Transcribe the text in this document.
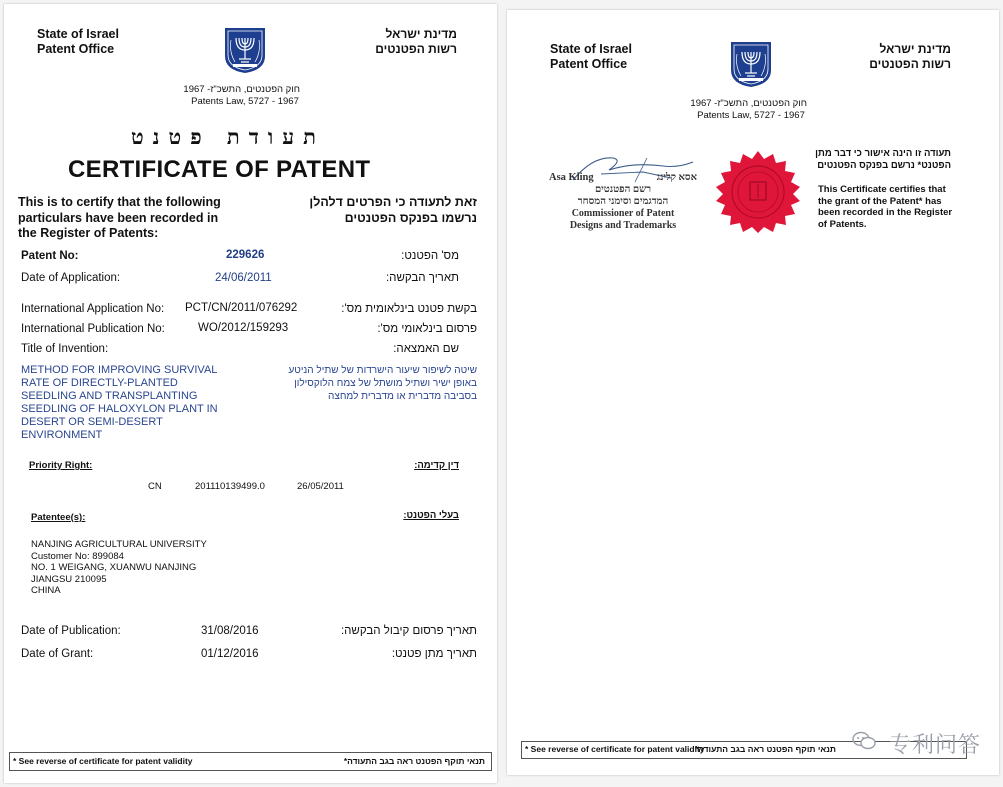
State of Israel
Patent Office
מדינת ישראל
רשות הפטנטים
חוק הפטנטים, התשכ"ז- 1967
Patents Law, 5727 - 1967
תעודת פטנט
CERTIFICATE OF PATENT
This is to certify that the following
particulars have been recorded in
the Register of Patents:
זאת לתעודה כי הפרטים דלהלן
נרשמו בפנקס הפטנטים
Patent No:	229626	מס' הפטנט:
Date of Application:	24/06/2011	תאריך הבקשה:
International Application No: PCT/CN/2011/076292	בקשת פטנט בינלאומית מס':
International Publication No:	WO/2012/159293	פרסום בינלאומי מס':
Title of Invention:	שם האמצאה:
METHOD FOR IMPROVING SURVIVAL
RATE OF DIRECTLY-PLANTED
SEEDLING AND TRANSPLANTING
SEEDLING OF HALOXYLON PLANT IN
DESERT OR SEMI-DESERT
ENVIRONMENT
שיטה לשיפור שיעור הישרדות של שתיל הניטע
באופן ישיר ושתיל מושתל של צמח הלוקסילון
בסביבה מדברית או מדברית למחצה
Priority Right:	דין קדימה:
CN	201110139499.0	26/05/2011
Patentee(s):	בעלי הפטנט:
NANJING AGRICULTURAL UNIVERSITY
Customer No: 899084
NO. 1 WEIGANG, XUANWU NANJING
JIANGSU 210095
CHINA
Date of Publication:	31/08/2016	תאריך פרסום קיבול הבקשה:
Date of Grant:	01/12/2016	תאריך מתן פטנט:
* See reverse of certificate for patent validity	תנאי תוקף הפטנט ראה בגב התעודה*
State of Israel
Patent Office
מדינת ישראל
רשות הפטנטים
חוק הפטנטים, התשכ"ז- 1967
Patents Law, 5727 - 1967
Asa Kling	אסא קלינג
רשם הפטנטים
המדגמים וסימני המסחר
Commissioner of Patent
Designs and Trademarks
תעודה זו הינה אישור כי דבר מתן
הפטנט* נרשם בפנקס הפטנטים
This Certificate certifies that
the grant of the Patent* has
been recorded in the Register
of Patents.
* See reverse of certificate for patent validity
תנאי תוקף הפטנט ראה בגב התעודה*	专利问答
